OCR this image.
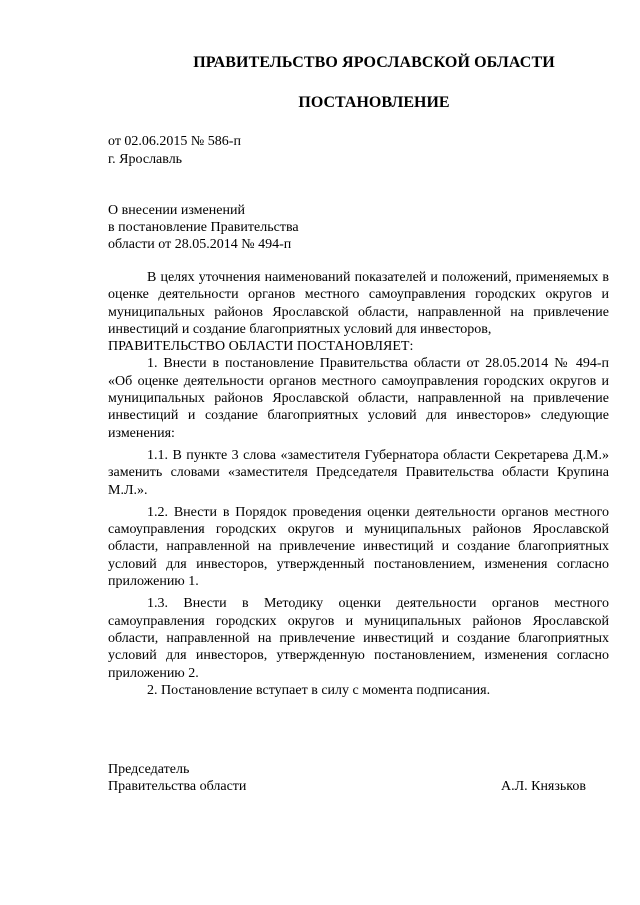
ПРАВИТЕЛЬСТВО ЯРОСЛАВСКОЙ ОБЛАСТИ
ПОСТАНОВЛЕНИЕ
от 02.06.2015 № 586-п
г. Ярославль
О внесении изменений
в постановление Правительства
области от 28.05.2014 № 494-п

В целях уточнения наименований показателей и положений, применяемых в оценке деятельности органов местного самоуправления городских округов и муниципальных районов Ярославской области, направленной на привлечение инвестиций и создание благоприятных условий для инвесторов,

ПРАВИТЕЛЬСТВО ОБЛАСТИ ПОСТАНОВЛЯЕТ:

1. Внести в постановление Правительства области от 28.05.2014 № 494-п «Об оценке деятельности органов местного самоуправления городских округов и муниципальных районов Ярославской области, направленной на привлечение инвестиций и создание благоприятных условий для инвесторов» следующие изменения:

1.1. В пункте 3 слова «заместителя Губернатора области Секретарева Д.М.» заменить словами «заместителя Председателя Правительства области Крупина М.Л.».

1.2. Внести в Порядок проведения оценки деятельности органов местного самоуправления городских округов и муниципальных районов Ярославской области, направленной на привлечение инвестиций и создание благоприятных условий для инвесторов, утвержденный постановлением, изменения согласно приложению 1.

1.3. Внести в Методику оценки деятельности органов местного самоуправления городских округов и муниципальных районов Ярославской области, направленной на привлечение инвестиций и создание благоприятных условий для инвесторов, утвержденную постановлением, изменения согласно приложению 2.

2. Постановление вступает в силу с момента подписания.

Председатель
Правительства области	А.Л. Князьков
